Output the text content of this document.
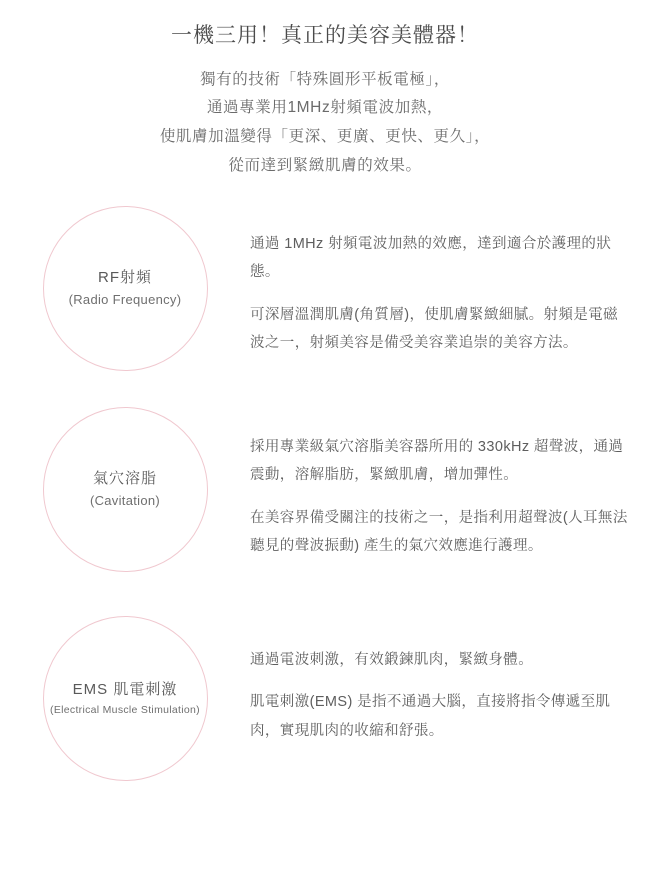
一機三用！真正的美容美體器！
獨有的技術「特殊圓形平板電極」，
通過專業用1MHz射頻電波加熱，
使肌膚加溫變得「更深、更廣、更快、更久」，
從而達到緊緻肌膚的效果。
RF射頻
(Radio Frequency)

通過 1MHz 射頻電波加熱的效應，達到適合於護理的狀態。

可深層溫潤肌膚(角質層)，使肌膚緊緻細膩。射頻是電磁波之一，射頻美容是備受美容業追崇的美容方法。

氣穴溶脂
(Cavitation)

採用專業級氣穴溶脂美容器所用的 330kHz 超聲波，通過震動，溶解脂肪，緊緻肌膚，增加彈性。

在美容界備受關注的技術之一，是指利用超聲波(人耳無法聽見的聲波振動) 產生的氣穴效應進行護理。

EMS 肌電刺激
(Electrical Muscle Stimulation)

通過電波刺激，有效鍛鍊肌肉，緊緻身體。

肌電刺激(EMS) 是指不通過大腦，直接將指令傳遞至肌肉，實現肌肉的收縮和舒張。
